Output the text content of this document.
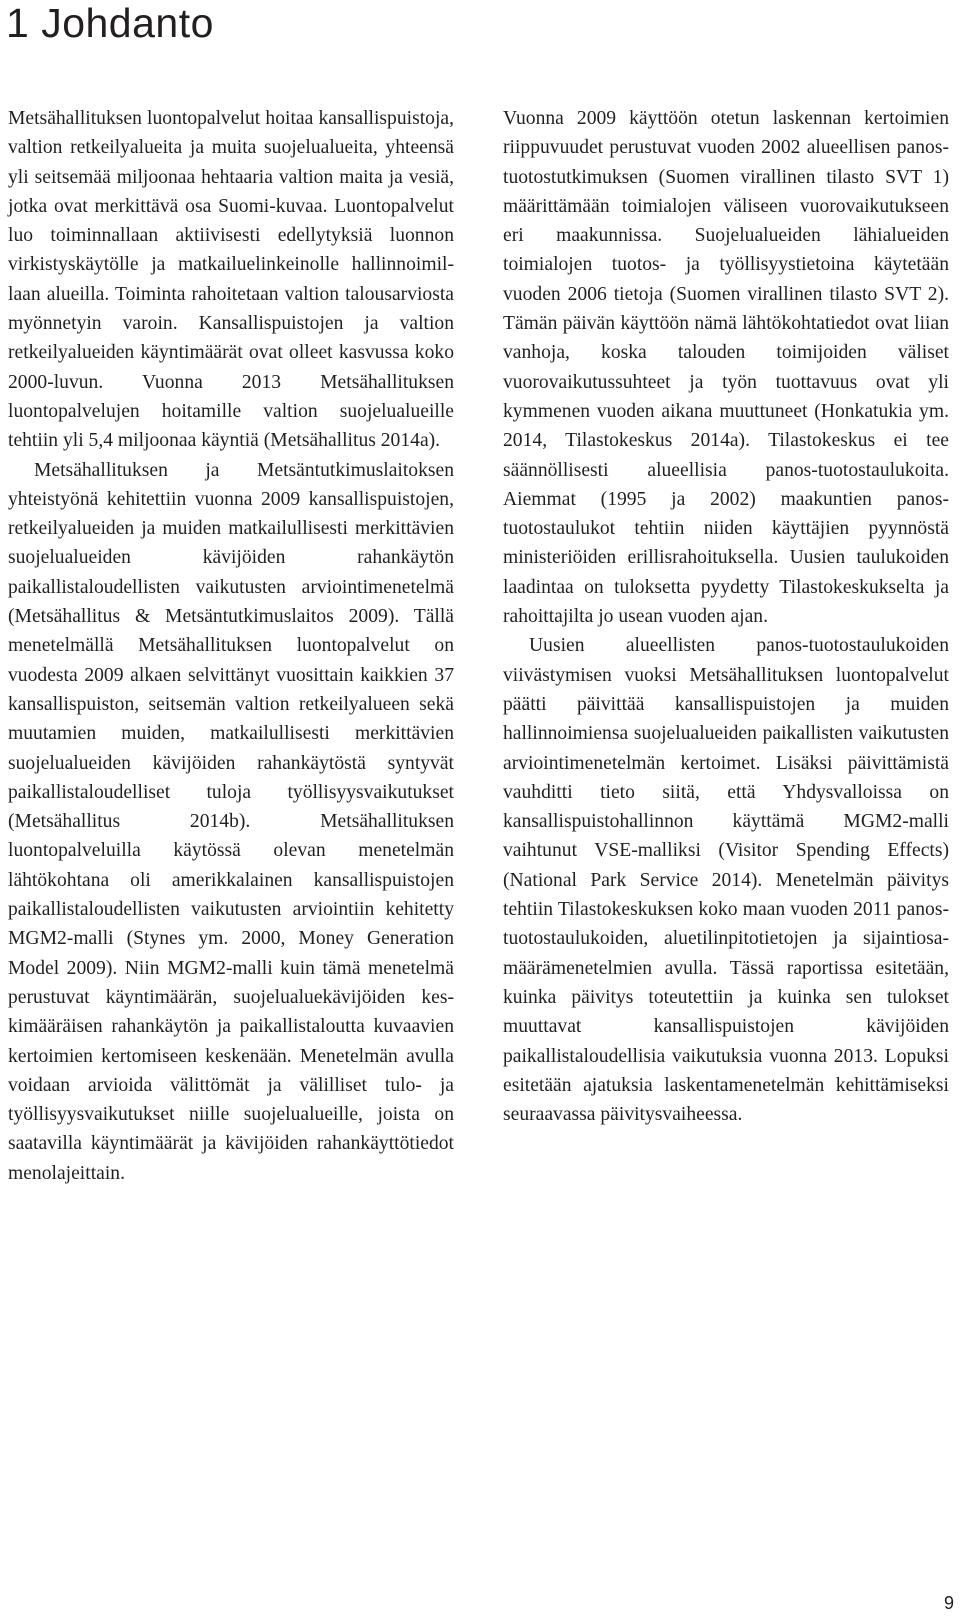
1 Johdanto

Metsähallituksen luontopalvelut hoitaa kansallispuistoja, valtion retkeilyalueita ja muita suojelualueita, yhteensä yli seitsemää miljoonaa hehtaaria valtion maita ja vesiä, jotka ovat merkittävä osa Suomi-kuvaa. Luontopalvelut luo toiminnallaan aktiivisesti edellytyksiä luonnon virkistyskäytölle ja matkailuelinkeinolle hallinnoimillaan alueilla. Toiminta rahoitetaan valtion talousarviosta myönnetyin varoin. Kansallispuistojen ja valtion retkeilyalueiden käyntimäärät ovat olleet kasvussa koko 2000-luvun. Vuonna 2013 Metsähallituksen luontopalvelujen hoitamille valtion suojelualueille tehtiin yli 5,4 miljoonaa käyntiä (Metsähallitus 2014a).

Metsähallituksen ja Metsäntutkimuslaitoksen yhteistyönä kehitettiin vuonna 2009 kansallispuistojen, retkeilyalueiden ja muiden matkailullisesti merkittävien suojelualueiden kävijöiden rahankäytön paikallistaloudellisten vaikutusten arviointimenetelmä (Metsähallitus & Metsäntutkimuslaitos 2009). Tällä menetelmällä Metsähallituksen luontopalvelut on vuodesta 2009 alkaen selvittänyt vuosittain kaikkien 37 kansallispuiston, seitsemän valtion retkeilyalueen sekä muutamien muiden, matkailullisesti merkittävien suojelualueiden kävijöiden rahankäytöstä syntyvät paikallistaloudelliset tuloja työllisyysvaikutukset (Metsähallitus 2014b). Metsähallituksen luontopalveluilla käytössä olevan menetelmän lähtökohtana oli amerikkalainen kansallispuistojen paikallistaloudellisten vaikutusten arviointiin kehitetty MGM2-malli (Stynes ym. 2000, Money Generation Model 2009). Niin MGM2-malli kuin tämä menetelmä perustuvat käyntimäärän, suojelualuekävijöiden keskimääräisen rahankäytön ja paikallistaloutta kuvaavien kertoimien kertomiseen keskenään. Menetelmän avulla voidaan arvioida välittömät ja välilliset tulo- ja työllisyysvaikutukset niille suojelualueille, joista on saatavilla käyntimäärät ja kävijöiden rahankäyttötiedot menolajeittain.

Vuonna 2009 käyttöön otetun laskennan kertoimien riippuvuudet perustuvat vuoden 2002 alueellisen panos-tuotostutkimuksen (Suomen virallinen tilasto SVT 1) määrittämään toimialojen väliseen vuorovaikutukseen eri maakunnissa. Suojelualueiden lähialueiden toimialojen tuotos- ja työllisyystietoina käytetään vuoden 2006 tietoja (Suomen virallinen tilasto SVT 2). Tämän päivän käyttöön nämä lähtökohtatiedot ovat liian vanhoja, koska talouden toimijoiden väliset vuorovaikutussuhteet ja työn tuottavuus ovat yli kymmenen vuoden aikana muuttuneet (Honkatukia ym. 2014, Tilastokeskus 2014a). Tilastokeskus ei tee säännöllisesti alueellisia panos-tuotostaulukoita. Aiemmat (1995 ja 2002) maakuntien panos-tuotostaulukot tehtiin niiden käyttäjien pyynnöstä ministeriöiden erillisrahoituksella. Uusien taulukoiden laadintaa on tuloksetta pyydetty Tilastokeskukselta ja rahoittajilta jo usean vuoden ajan.

Uusien alueellisten panos-tuotostaulukoiden viivästymisen vuoksi Metsähallituksen luontopalvelut päätti päivittää kansallispuistojen ja muiden hallinnoimiensa suojelualueiden paikallisten vaikutusten arviointimenetelmän kertoimet. Lisäksi päivittämistä vauhditti tieto siitä, että Yhdysvalloissa on kansallispuistohallinnon käyttämä MGM2-malli vaihtunut VSE-malliksi (Visitor Spending Effects) (National Park Service 2014). Menetelmän päivitys tehtiin Tilastokeskuksen koko maan vuoden 2011 panos-tuotostaulukoiden, aluetilinpitotietojen ja sijaintiosamäärämenetelmien avulla. Tässä raportissa esitetään, kuinka päivitys toteutettiin ja kuinka sen tulokset muuttavat kansallispuistojen kävijöiden paikallistaloudellisia vaikutuksia vuonna 2013. Lopuksi esitetään ajatuksia laskentamenetelmän kehittämiseksi seuraavassa päivitysvaiheessa.

9
